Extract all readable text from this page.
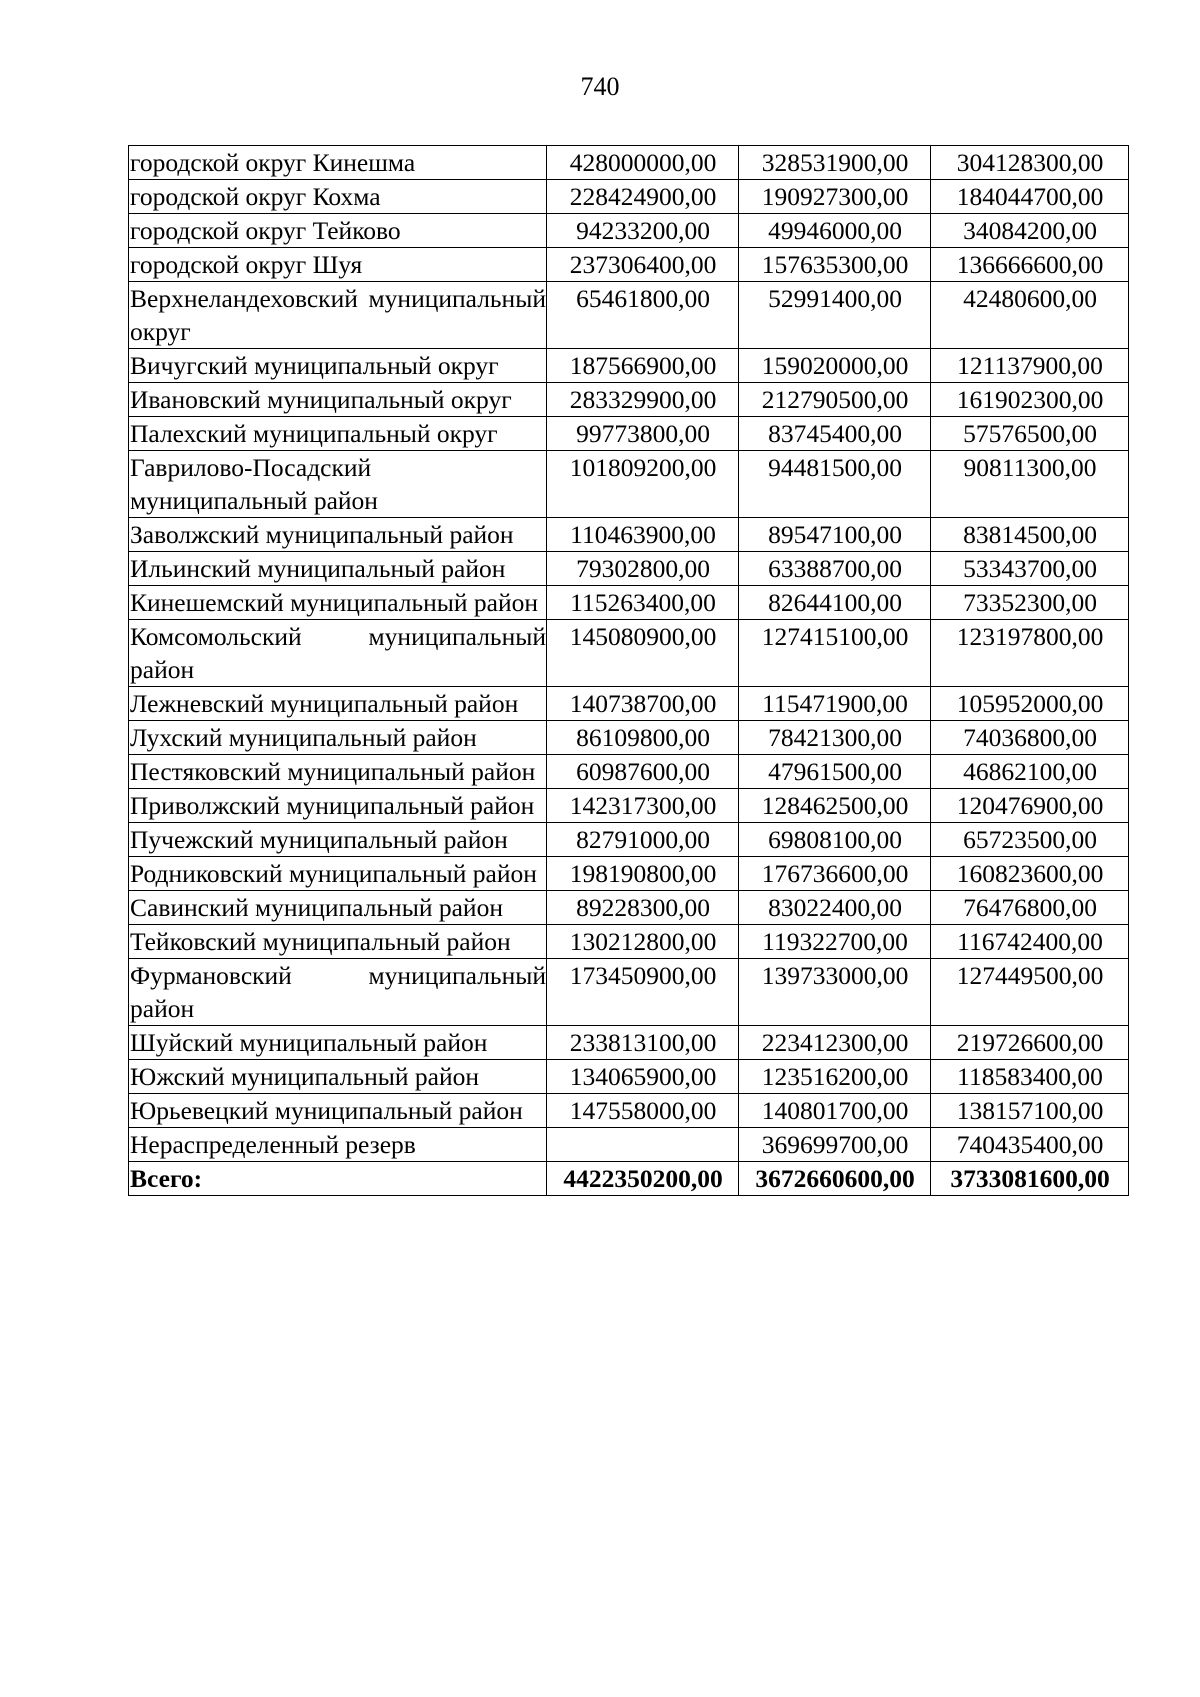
740
городской округ Кинешма	428000000,00	328531900,00	304128300,00
городской округ Кохма	228424900,00	190927300,00	184044700,00
городской округ Тейково	94233200,00	49946000,00	34084200,00
городской округ Шуя	237306400,00	157635300,00	136666600,00
Верхнеландеховский муниципальный округ	65461800,00	52991400,00	42480600,00
Вичугский муниципальный округ	187566900,00	159020000,00	121137900,00
Ивановский муниципальный округ	283329900,00	212790500,00	161902300,00
Палехский муниципальный округ	99773800,00	83745400,00	57576500,00
Гаврилово-Посадский муниципальный район	101809200,00	94481500,00	90811300,00
Заволжский муниципальный район	110463900,00	89547100,00	83814500,00
Ильинский муниципальный район	79302800,00	63388700,00	53343700,00
Кинешемский муниципальный район	115263400,00	82644100,00	73352300,00
Комсомольский муниципальный район	145080900,00	127415100,00	123197800,00
Лежневский муниципальный район	140738700,00	115471900,00	105952000,00
Лухский муниципальный район	86109800,00	78421300,00	74036800,00
Пестяковский муниципальный район	60987600,00	47961500,00	46862100,00
Приволжский муниципальный район	142317300,00	128462500,00	120476900,00
Пучежский муниципальный район	82791000,00	69808100,00	65723500,00
Родниковский муниципальный район	198190800,00	176736600,00	160823600,00
Савинский муниципальный район	89228300,00	83022400,00	76476800,00
Тейковский муниципальный район	130212800,00	119322700,00	116742400,00
Фурмановский муниципальный район	173450900,00	139733000,00	127449500,00
Шуйский муниципальный район	233813100,00	223412300,00	219726600,00
Южский муниципальный район	134065900,00	123516200,00	118583400,00
Юрьевецкий муниципальный район	147558000,00	140801700,00	138157100,00
Нераспределенный резерв		369699700,00	740435400,00
Всего:	4422350200,00	3672660600,00	3733081600,00
